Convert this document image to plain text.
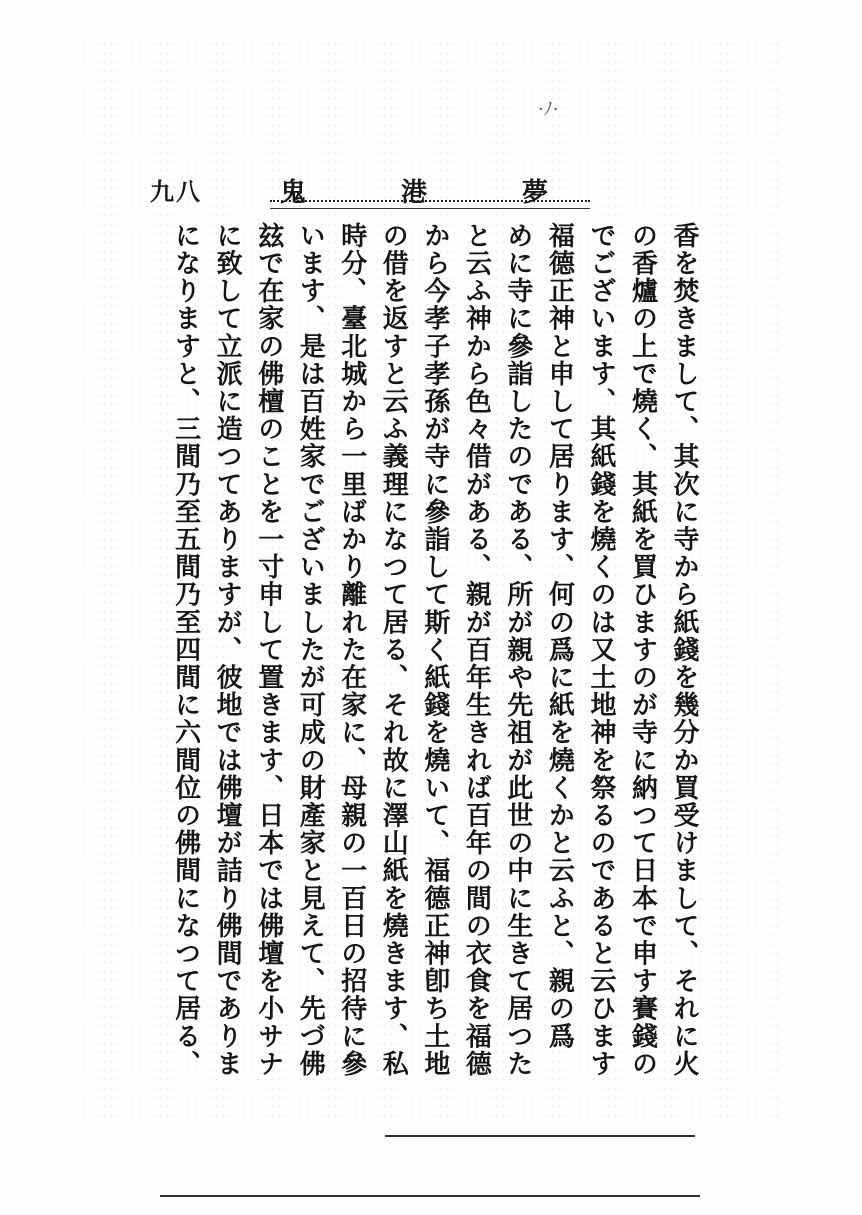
·ﾉ·
九八	鬼	港	夢
香を焚きまして、其次に寺から紙錢を幾分か買受けまして、それに火
の香爐の上で燒く、其紙を買ひますのが寺に納つて日本で申す賽錢の
でございます、其紙錢を燒くのは又土地神を祭るのであると云ひます
福德正神と申して居ります、何の爲に紙を燒くかと云ふと、親の爲
めに寺に參詣したのである、所が親や先祖が此世の中に生きて居つた
と云ふ神から色々借がある、親が百年生きれば百年の間の衣食を福德
から今孝子孝孫が寺に參詣して斯く紙錢を燒いて、福德正神卽ち土地
の借を返すと云ふ義理になつて居る、それ故に澤山紙を燒きます、私
時分、臺北城から一里ばかり離れた在家に、母親の一百日の招待に參
います、是は百姓家でございましたが可成の財產家と見えて、先づ佛
玆で在家の佛檀のことを一寸申して置きます、日本では佛壇を小サナ
に致して立派に造つてありますが、彼地では佛壇が詰り佛間でありま
になりますと、三間乃至五間乃至四間に六間位の佛間になつて居る、
